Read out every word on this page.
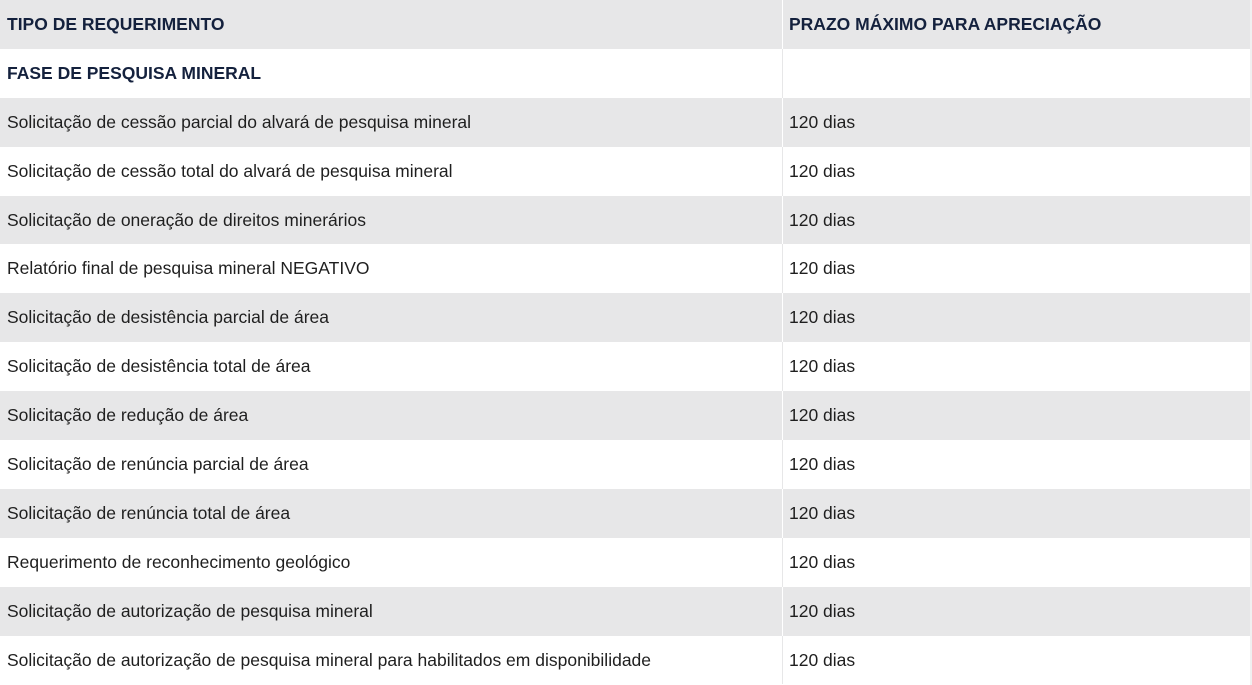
TIPO DE REQUERIMENTO	PRAZO MÁXIMO PARA APRECIAÇÃO
FASE DE PESQUISA MINERAL
Solicitação de cessão parcial do alvará de pesquisa mineral	120 dias
Solicitação de cessão total do alvará de pesquisa mineral	120 dias
Solicitação de oneração de direitos minerários	120 dias
Relatório final de pesquisa mineral NEGATIVO	120 dias
Solicitação de desistência parcial de área	120 dias
Solicitação de desistência total de área	120 dias
Solicitação de redução de área	120 dias
Solicitação de renúncia parcial de área	120 dias
Solicitação de renúncia total de área	120 dias
Requerimento de reconhecimento geológico	120 dias
Solicitação de autorização de pesquisa mineral	120 dias
Solicitação de autorização de pesquisa mineral para habilitados em disponibilidade	120 dias
